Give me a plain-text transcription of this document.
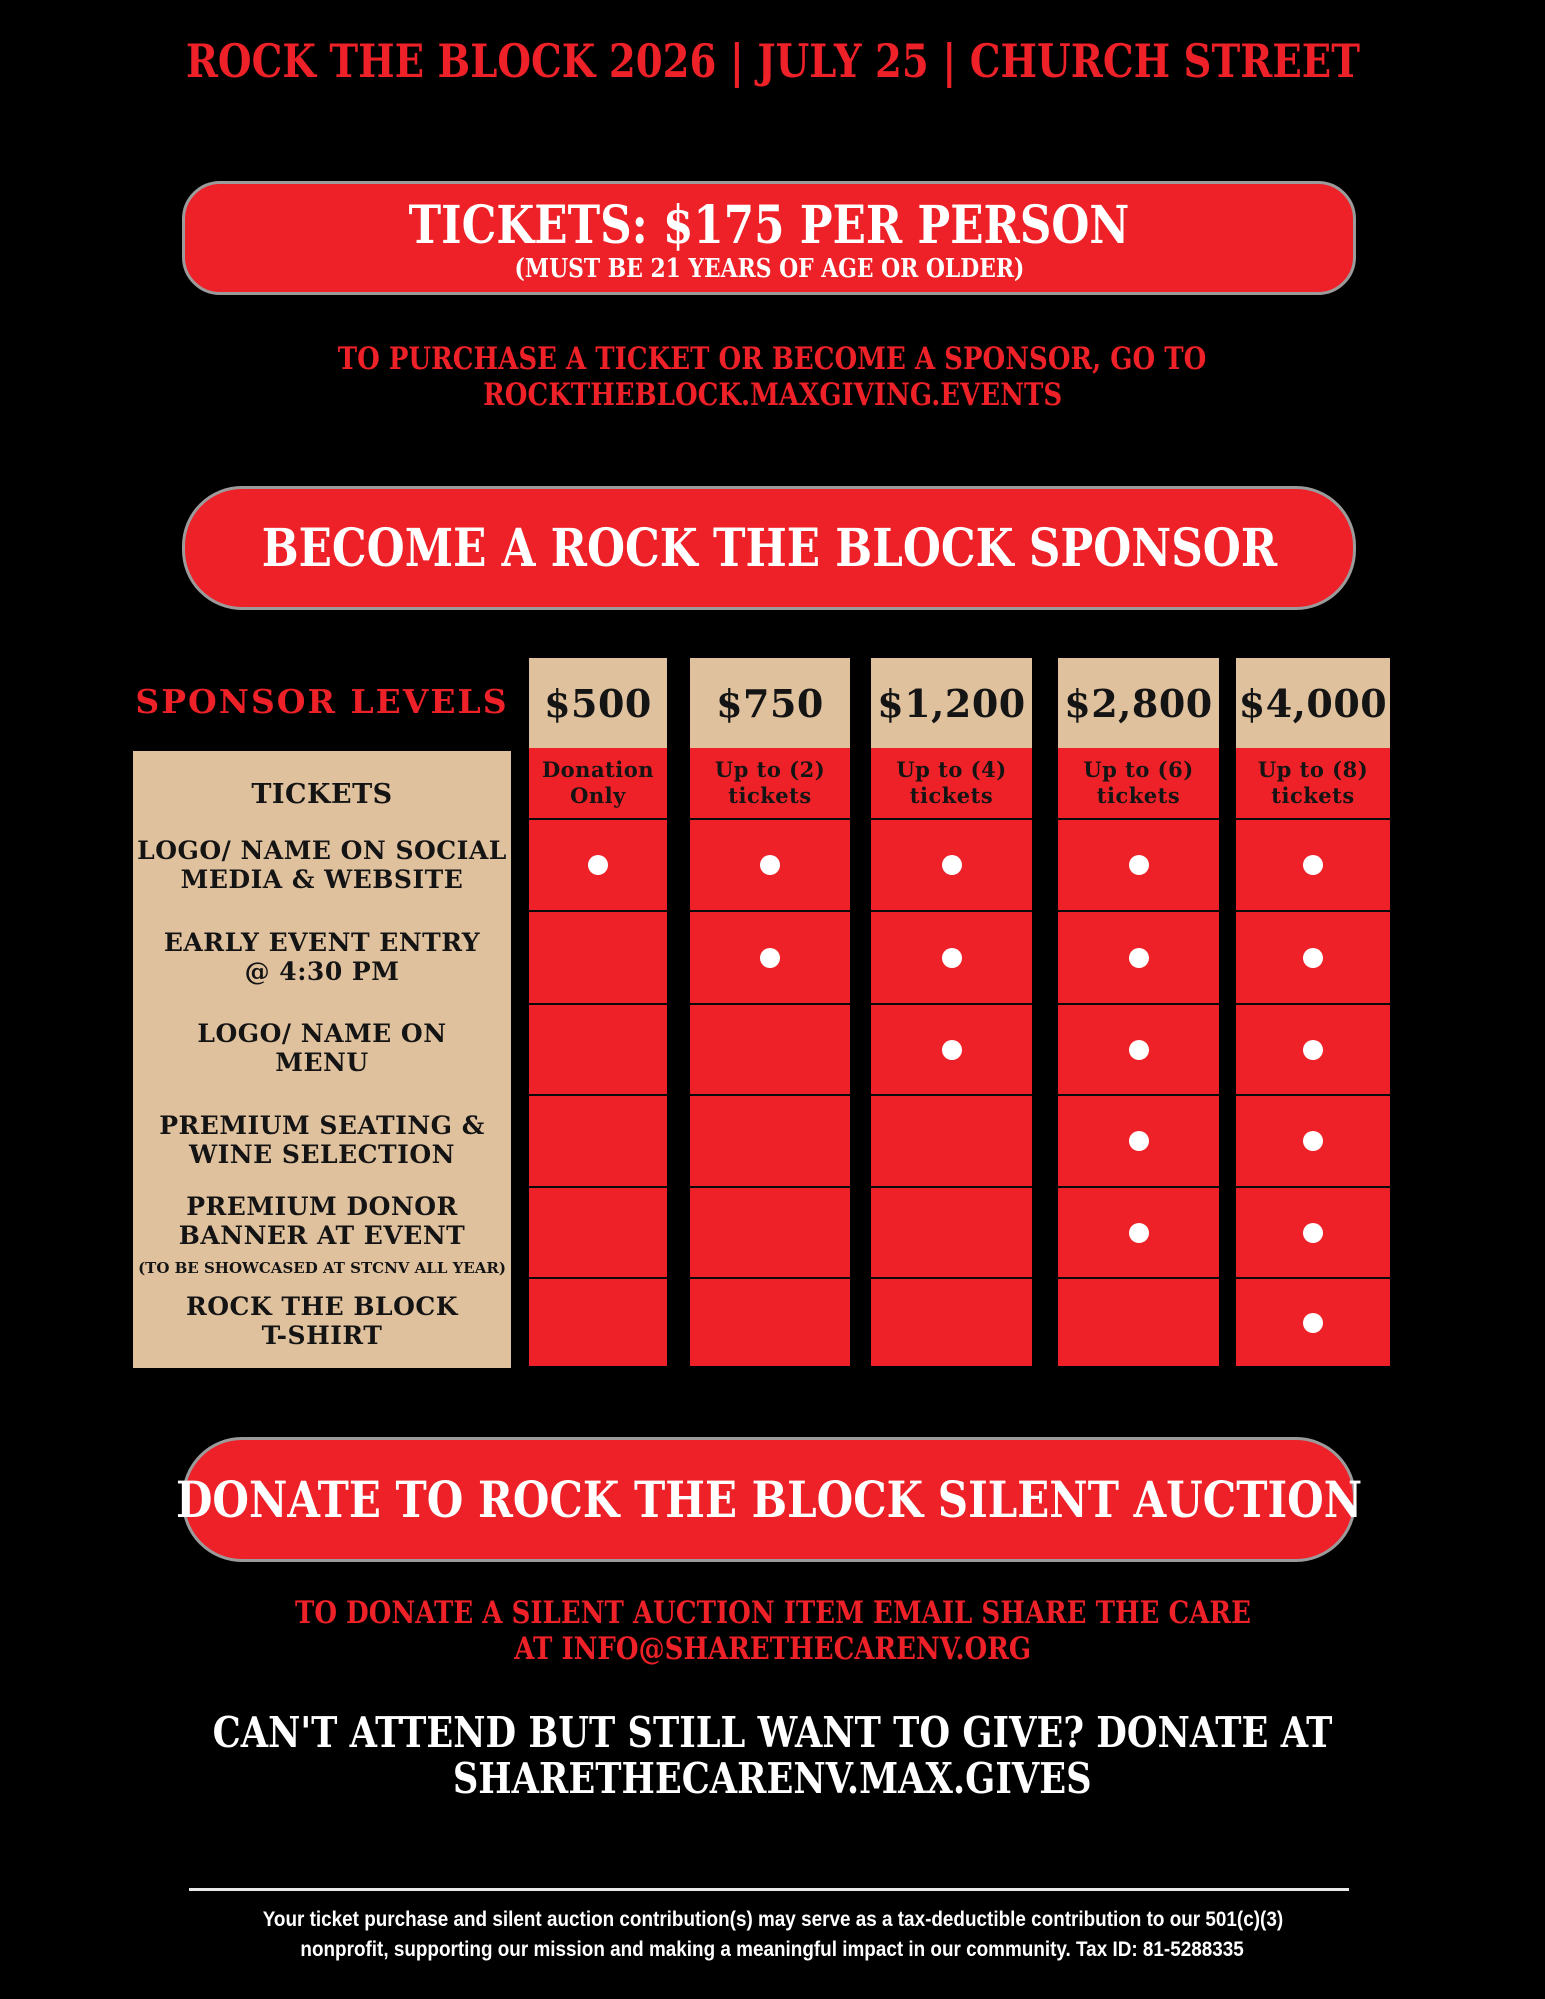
ROCK THE BLOCK 2026 | JULY 25 | CHURCH STREET
TICKETS: $175 PER PERSON
(MUST BE 21 YEARS OF AGE OR OLDER)
TO PURCHASE A TICKET OR BECOME A SPONSOR, GO TO
ROCKTHEBLOCK.MAXGIVING.EVENTS
BECOME A ROCK THE BLOCK SPONSOR
SPONSOR LEVELS
TICKETS
LOGO/ NAME ON SOCIAL
MEDIA & WEBSITE
EARLY EVENT ENTRY
@ 4:30 PM
LOGO/ NAME ON
MENU
PREMIUM SEATING &
WINE SELECTION
PREMIUM DONOR
BANNER AT EVENT
(TO BE SHOWCASED AT STCNV ALL YEAR)
ROCK THE BLOCK
T-SHIRT
$500
Donation
Only
$750
Up to (2)
tickets
$1,200
Up to (4)
tickets
$2,800
Up to (6)
tickets
$4,000
Up to (8)
tickets
DONATE TO ROCK THE BLOCK SILENT AUCTION
TO DONATE A SILENT AUCTION ITEM EMAIL SHARE THE CARE
AT INFO@SHARETHECARENV.ORG
CAN'T ATTEND BUT STILL WANT TO GIVE? DONATE AT
SHARETHECARENV.MAX.GIVES
Your ticket purchase and silent auction contribution(s) may serve as a tax-deductible contribution to our 501(c)(3)
nonprofit, supporting our mission and making a meaningful impact in our community. Tax ID: 81-5288335
